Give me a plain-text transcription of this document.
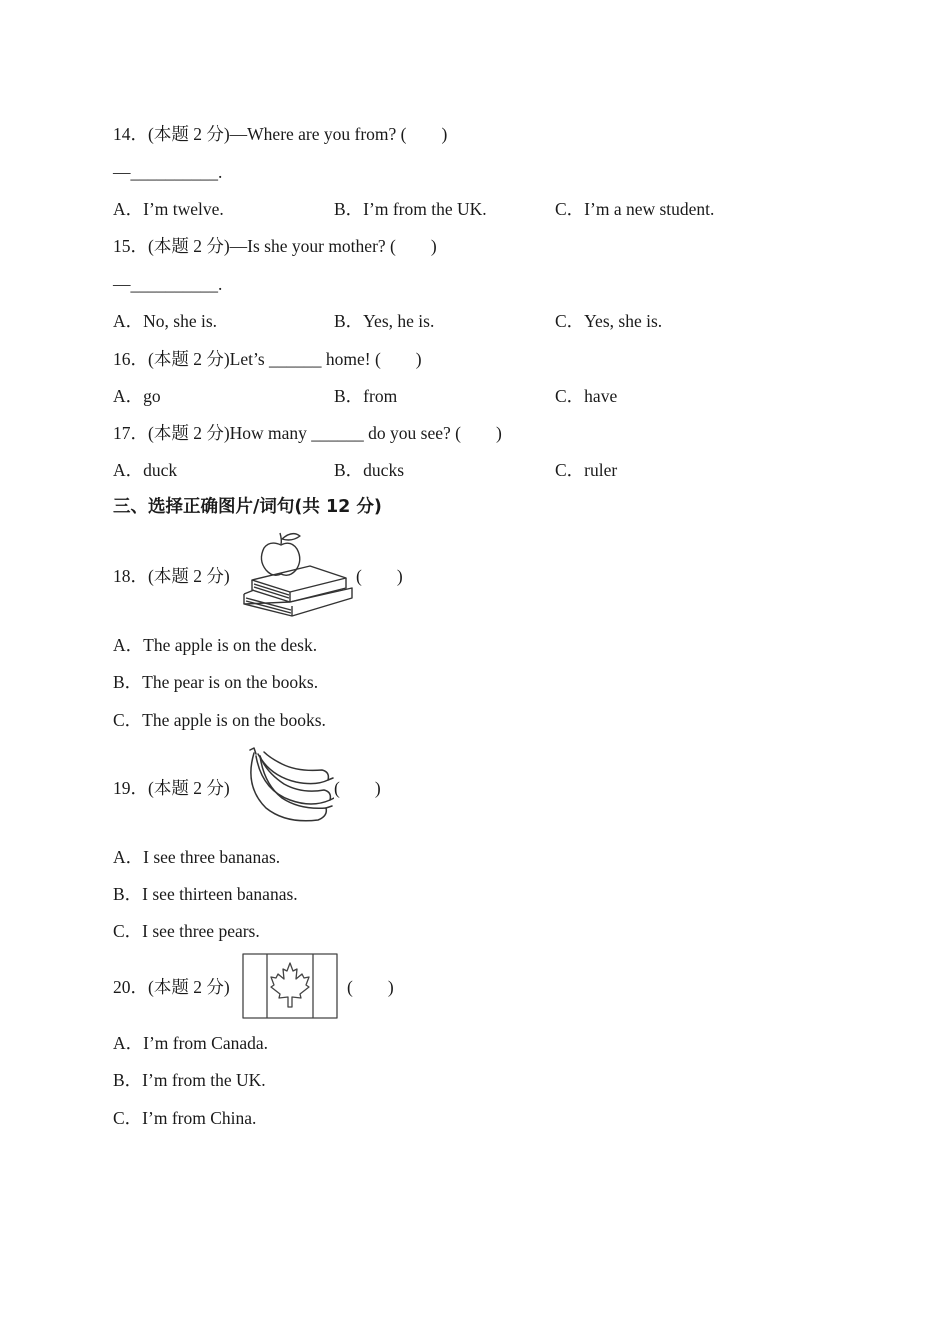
14．(本题 2 分)—Where are you from? (　　)
—__________.
A．I’m twelve.	B．I’m from the UK.	C．I’m a new student.
15．(本题 2 分)—Is she your mother? (　　)
—__________.
A．No, she is.	B．Yes, he is.	C．Yes, she is.
16．(本题 2 分)Let’s ______ home! (　　)
A．go	B．from	C．have
17．(本题 2 分)How many ______ do you see? (　　)
A．duck	B．ducks	C．ruler
三、选择正确图片/词句(共 12 分)
18．(本题 2 分)	(　　)
A．The apple is on the desk.
B．The pear is on the books.
C．The apple is on the books.
19．(本题 2 分)	(　　)
A．I see three bananas.
B．I see thirteen bananas.
C．I see three pears.
20．(本题 2 分)	(　　)
A．I’m from Canada.
B．I’m from the UK.
C．I’m from China.
